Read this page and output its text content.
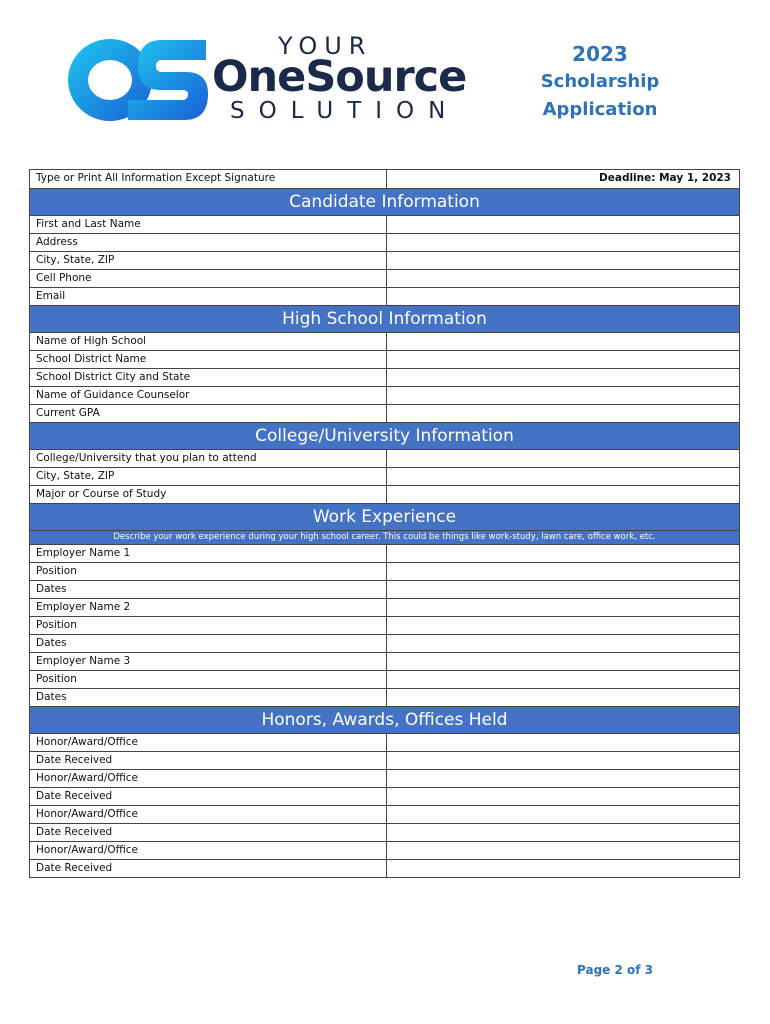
YOUR
OneSource
SOLUTION
2023
Scholarship
Application
Type or Print All Information Except Signature	Deadline: May 1, 2023
Candidate Information
First and Last Name
Address
City, State, ZIP
Cell Phone
Email
High School Information
Name of High School
School District Name
School District City and State
Name of Guidance Counselor
Current GPA
College/University Information
College/University that you plan to attend
City, State, ZIP
Major or Course of Study
Work Experience
Describe your work experience during your high school career. This could be things like work-study, lawn care, office work, etc.
Employer Name 1
Position
Dates
Employer Name 2
Position
Dates
Employer Name 3
Position
Dates
Honors, Awards, Offices Held
Honor/Award/Office
Date Received
Honor/Award/Office
Date Received
Honor/Award/Office
Date Received
Honor/Award/Office
Date Received
Page 2 of 3
